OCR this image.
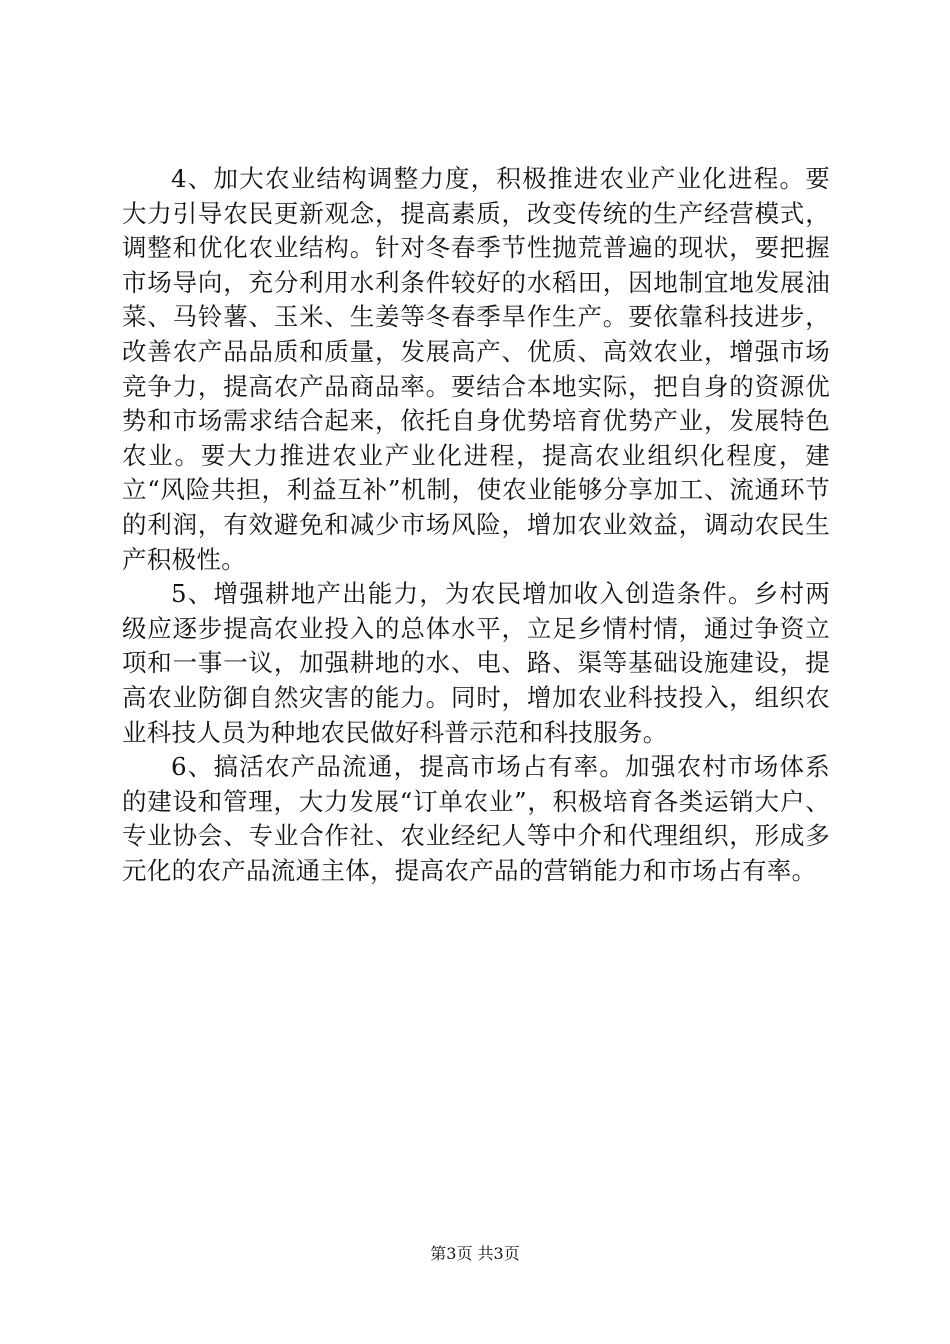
4、加大农业结构调整力度，积极推进农业产业化进程。要大力引导农民更新观念，提高素质，改变传统的生产经营模式，调整和优化农业结构。针对冬春季节性抛荒普遍的现状，要把握市场导向，充分利用水利条件较好的水稻田，因地制宜地发展油菜、马铃薯、玉米、生姜等冬春季旱作生产。要依靠科技进步，改善农产品品质和质量，发展高产、优质、高效农业，增强市场竞争力，提高农产品商品率。要结合本地实际，把自身的资源优势和市场需求结合起来，依托自身优势培育优势产业，发展特色农业。要大力推进农业产业化进程，提高农业组织化程度，建立“风险共担，利益互补”机制，使农业能够分享加工、流通环节的利润，有效避免和减少市场风险，增加农业效益，调动农民生产积极性。

5、增强耕地产出能力，为农民增加收入创造条件。乡村两级应逐步提高农业投入的总体水平，立足乡情村情，通过争资立项和一事一议，加强耕地的水、电、路、渠等基础设施建设，提高农业防御自然灾害的能力。同时，增加农业科技投入，组织农业科技人员为种地农民做好科普示范和科技服务。

6、搞活农产品流通，提高市场占有率。加强农村市场体系的建设和管理，大力发展“订单农业”，积极培育各类运销大户、专业协会、专业合作社、农业经纪人等中介和代理组织，形成多元化的农产品流通主体，提高农产品的营销能力和市场占有率。

第3页 共3页
